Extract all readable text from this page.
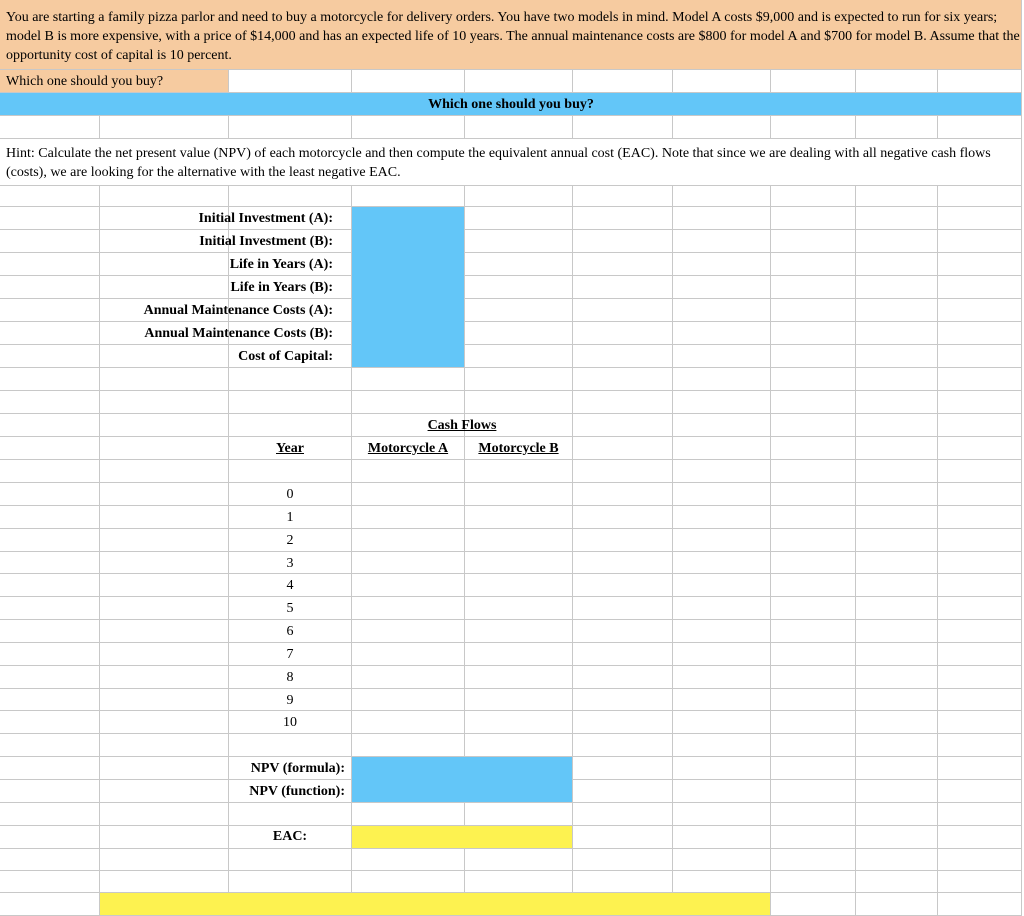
You are starting a family pizza parlor and need to buy a motorcycle for delivery orders. You have two models in mind. Model A costs $9,000 and is expected to run for six years; model B is more expensive, with a price of $14,000 and has an expected life of 10 years. The annual maintenance costs are $800 for model A and $700 for model B. Assume that the opportunity cost of capital is 10 percent.
Which one should you buy?
Which one should you buy?
Hint: Calculate the net present value (NPV) of each motorcycle and then compute the equivalent annual cost (EAC). Note that since we are dealing with all negative cash flows (costs), we are looking for the alternative with the least negative EAC.
Initial Investment (A):
Initial Investment (B):
Life in Years (A):
Life in Years (B):
Annual Maintenance Costs (A):
Annual Maintenance Costs (B):
Cost of Capital:
Cash Flows
Year	Motorcycle A	Motorcycle B
0
1
2
3
4
5
6
7
8
9
10
NPV (formula):
NPV (function):
EAC:
